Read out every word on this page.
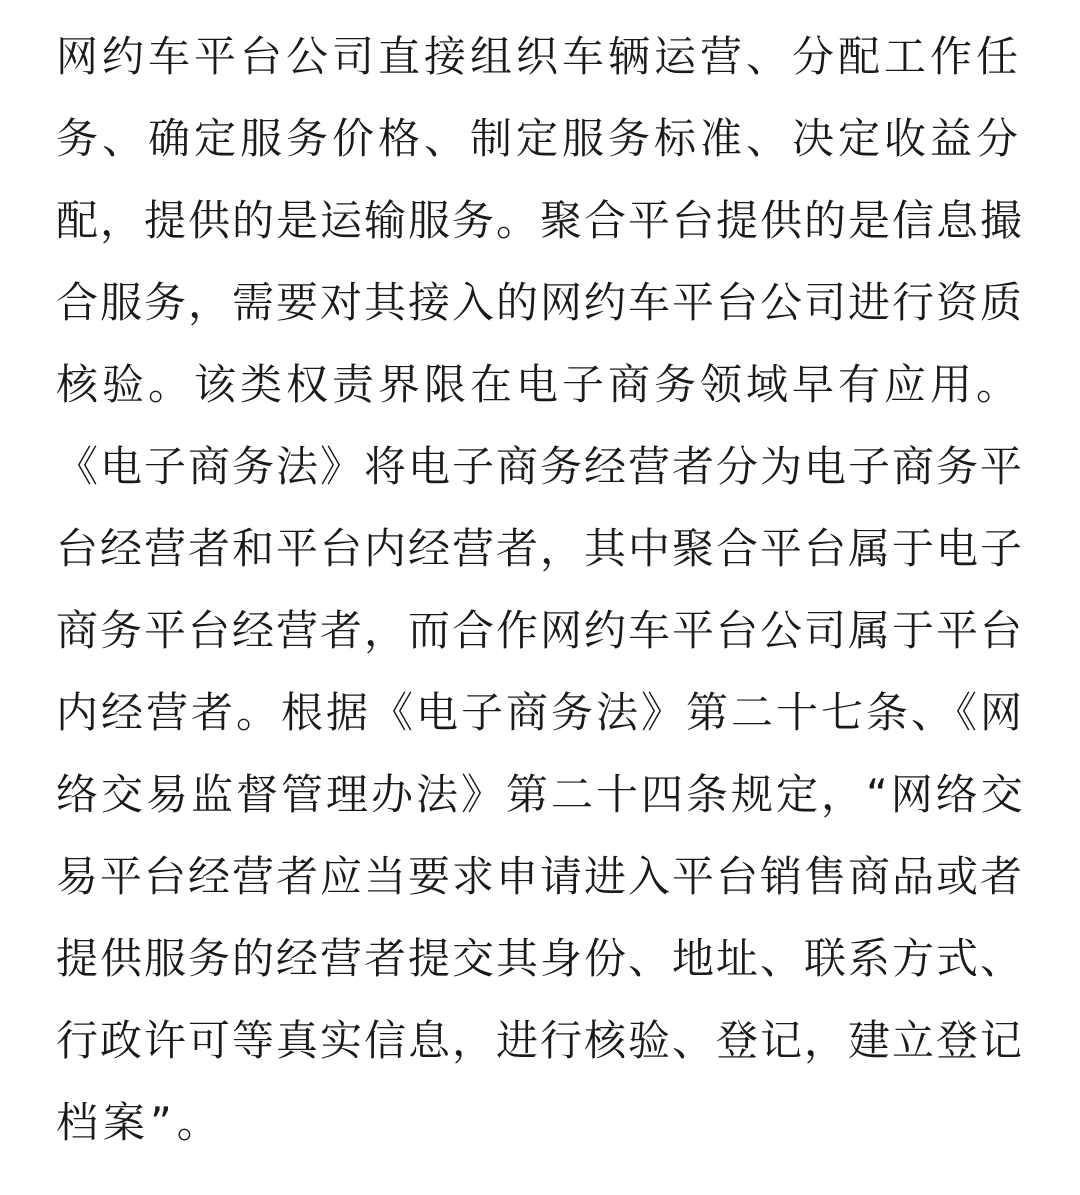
网约车平台公司直接组织车辆运营、分配工作任
务、确定服务价格、制定服务标准、决定收益分
配，提供的是运输服务。聚合平台提供的是信息撮
合服务，需要对其接入的网约车平台公司进行资质
核验。该类权责界限在电子商务领域早有应用。
《电子商务法》将电子商务经营者分为电子商务平
台经营者和平台内经营者，其中聚合平台属于电子
商务平台经营者，而合作网约车平台公司属于平台
内经营者。根据《电子商务法》第二十七条、《网
络交易监督管理办法》第二十四条规定，“网络交
易平台经营者应当要求申请进入平台销售商品或者
提供服务的经营者提交其身份、地址、联系方式、
行政许可等真实信息，进行核验、登记，建立登记
档案”。
